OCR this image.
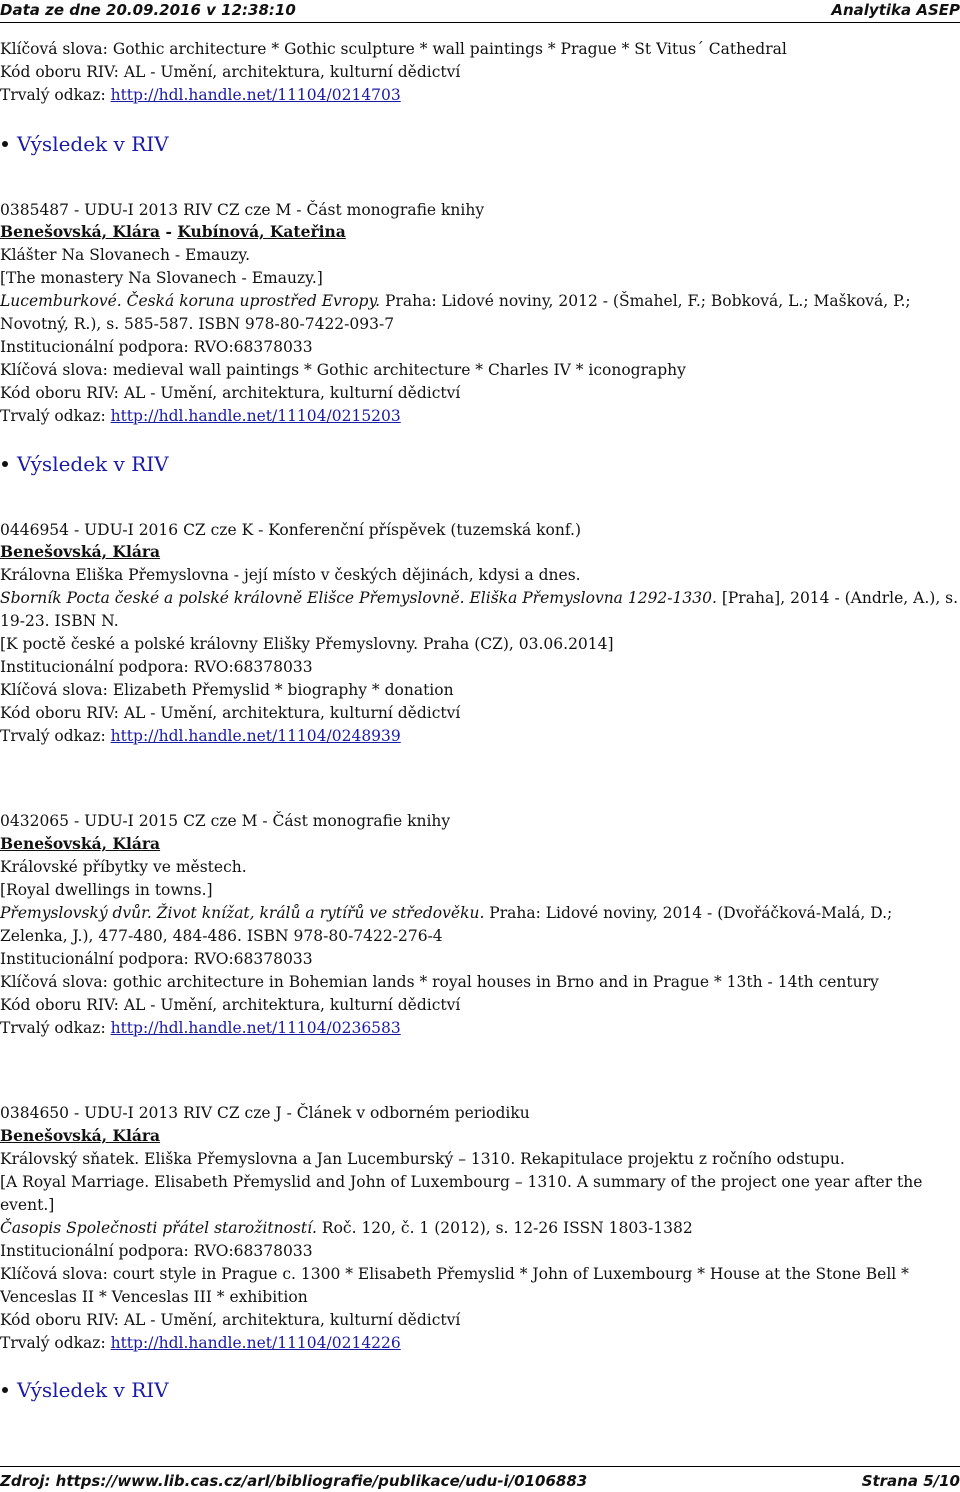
Data ze dne 20.09.2016 v 12:38:10	Analytika ASEP
Klíčová slova: Gothic architecture * Gothic sculpture * wall paintings * Prague * St Vitus´ Cathedral
Kód oboru RIV: AL - Umění, architektura, kulturní dědictví
Trvalý odkaz: http://hdl.handle.net/11104/0214703
Výsledek v RIV
0385487 - UDU-I 2013 RIV CZ cze M - Část monografie knihy
Benešovská, Klára - Kubínová, Kateřina
Klášter Na Slovanech - Emauzy.
[The monastery Na Slovanech - Emauzy.]
Lucemburkové. Česká koruna uprostřed Evropy. Praha: Lidové noviny, 2012 - (Šmahel, F.; Bobková, L.; Mašková, P.;
Novotný, R.), s. 585-587. ISBN 978-80-7422-093-7
Institucionální podpora: RVO:68378033
Klíčová slova: medieval wall paintings * Gothic architecture * Charles IV * iconography
Kód oboru RIV: AL - Umění, architektura, kulturní dědictví
Trvalý odkaz: http://hdl.handle.net/11104/0215203
Výsledek v RIV
0446954 - UDU-I 2016 CZ cze K - Konferenční příspěvek (tuzemská konf.)
Benešovská, Klára
Královna Eliška Přemyslovna - její místo v českých dějinách, kdysi a dnes.
Sborník Pocta české a polské královně Elišce Přemyslovně. Eliška Přemyslovna 1292-1330. [Praha], 2014 - (Andrle, A.), s.
19-23. ISBN N.
[K poctě české a polské královny Elišky Přemyslovny. Praha (CZ), 03.06.2014]
Institucionální podpora: RVO:68378033
Klíčová slova: Elizabeth Přemyslid * biography * donation
Kód oboru RIV: AL - Umění, architektura, kulturní dědictví
Trvalý odkaz: http://hdl.handle.net/11104/0248939
0432065 - UDU-I 2015 CZ cze M - Část monografie knihy
Benešovská, Klára
Královské příbytky ve městech.
[Royal dwellings in towns.]
Přemyslovský dvůr. Život knížat, králů a rytířů ve středověku. Praha: Lidové noviny, 2014 - (Dvořáčková-Malá, D.;
Zelenka, J.), 477-480, 484-486. ISBN 978-80-7422-276-4
Institucionální podpora: RVO:68378033
Klíčová slova: gothic architecture in Bohemian lands * royal houses in Brno and in Prague * 13th - 14th century
Kód oboru RIV: AL - Umění, architektura, kulturní dědictví
Trvalý odkaz: http://hdl.handle.net/11104/0236583
0384650 - UDU-I 2013 RIV CZ cze J - Článek v odborném periodiku
Benešovská, Klára
Královský sňatek. Eliška Přemyslovna a Jan Lucemburský – 1310. Rekapitulace projektu z ročního odstupu.
[A Royal Marriage. Elisabeth Přemyslid and John of Luxembourg – 1310. A summary of the project one year after the
event.]
Časopis Společnosti přátel starožitností. Roč. 120, č. 1 (2012), s. 12-26 ISSN 1803-1382
Institucionální podpora: RVO:68378033
Klíčová slova: court style in Prague c. 1300 * Elisabeth Přemyslid * John of Luxembourg * House at the Stone Bell *
Venceslas II * Venceslas III * exhibition
Kód oboru RIV: AL - Umění, architektura, kulturní dědictví
Trvalý odkaz: http://hdl.handle.net/11104/0214226
Výsledek v RIV
Zdroj: https://www.lib.cas.cz/arl/bibliografie/publikace/udu-i/0106883	Strana 5/10
